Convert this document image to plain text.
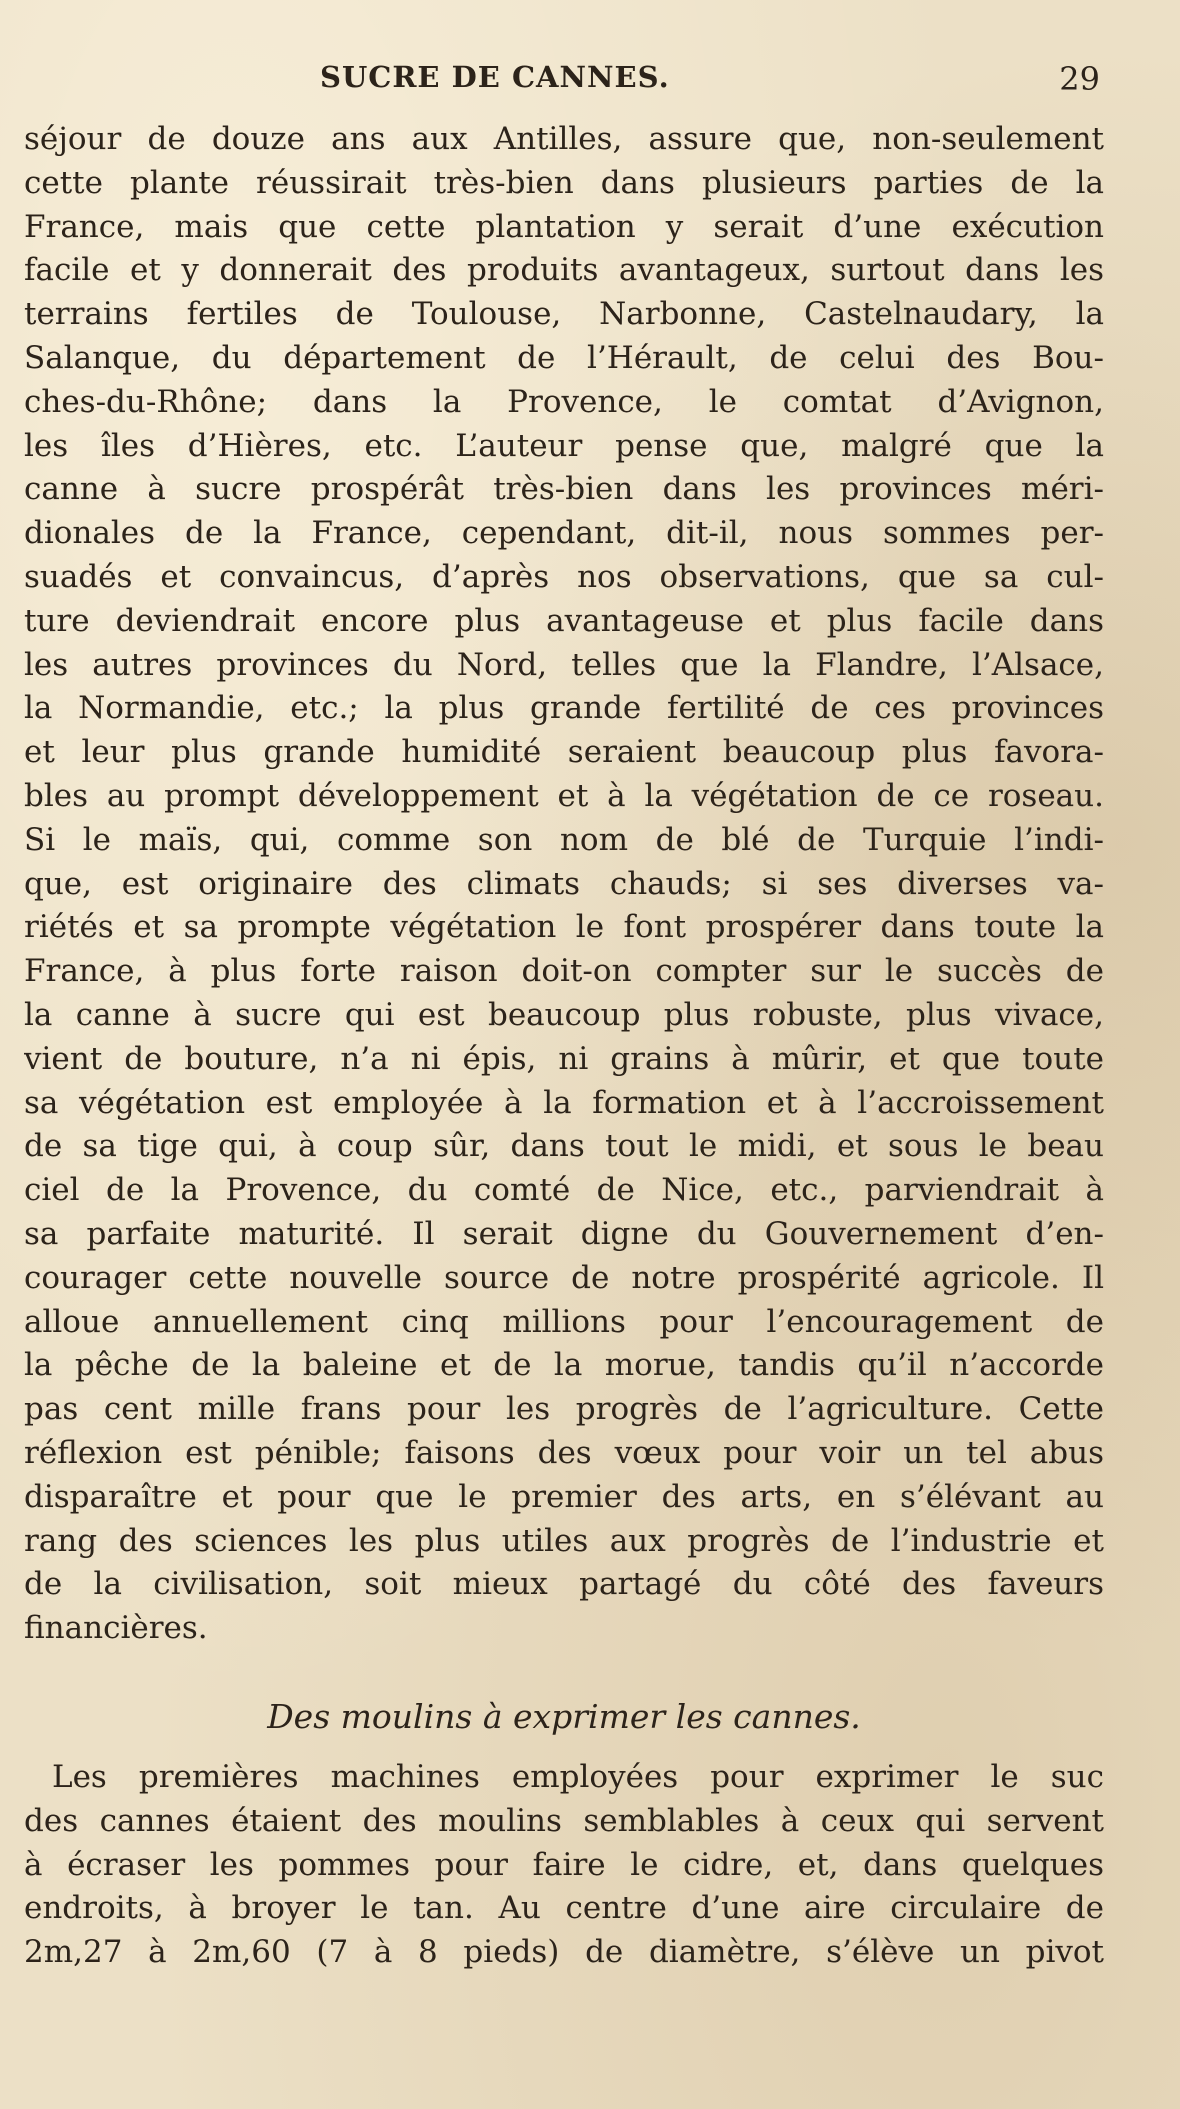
SUCRE DE CANNES.	29
séjour de douze ans aux Antilles, assure que, non-seulement
cette plante réussirait très-bien dans plusieurs parties de la
France, mais que cette plantation y serait d’une exécution
facile et y donnerait des produits avantageux, surtout dans les
terrains fertiles de Toulouse, Narbonne, Castelnaudary, la
Salanque, du département de l’Hérault, de celui des Bou-
ches-du-Rhône; dans la Provence, le comtat d’Avignon,
les îles d’Hières, etc. L’auteur pense que, malgré que la
canne à sucre prospérât très-bien dans les provinces méri-
dionales de la France, cependant, dit-il, nous sommes per-
suadés et convaincus, d’après nos observations, que sa cul-
ture deviendrait encore plus avantageuse et plus facile dans
les autres provinces du Nord, telles que la Flandre, l’Alsace,
la Normandie, etc.; la plus grande fertilité de ces provinces
et leur plus grande humidité seraient beaucoup plus favora-
bles au prompt développement et à la végétation de ce roseau.
Si le maïs, qui, comme son nom de blé de Turquie l’indi-
que, est originaire des climats chauds; si ses diverses va-
riétés et sa prompte végétation le font prospérer dans toute la
France, à plus forte raison doit-on compter sur le succès de
la canne à sucre qui est beaucoup plus robuste, plus vivace,
vient de bouture, n’a ni épis, ni grains à mûrir, et que toute
sa végétation est employée à la formation et à l’accroissement
de sa tige qui, à coup sûr, dans tout le midi, et sous le beau
ciel de la Provence, du comté de Nice, etc., parviendrait à
sa parfaite maturité. Il serait digne du Gouvernement d’en-
courager cette nouvelle source de notre prospérité agricole. Il
alloue annuellement cinq millions pour l’encouragement de
la pêche de la baleine et de la morue, tandis qu’il n’accorde
pas cent mille frans pour les progrès de l’agriculture. Cette
réflexion est pénible; faisons des vœux pour voir un tel abus
disparaître et pour que le premier des arts, en s’élévant au
rang des sciences les plus utiles aux progrès de l’industrie et
de la civilisation, soit mieux partagé du côté des faveurs
financières.
Des moulins à exprimer les cannes.
Les premières machines employées pour exprimer le suc
des cannes étaient des moulins semblables à ceux qui servent
à écraser les pommes pour faire le cidre, et, dans quelques
endroits, à broyer le tan. Au centre d’une aire circulaire de
2m,27 à 2m,60 (7 à 8 pieds) de diamètre, s’élève un pivot
